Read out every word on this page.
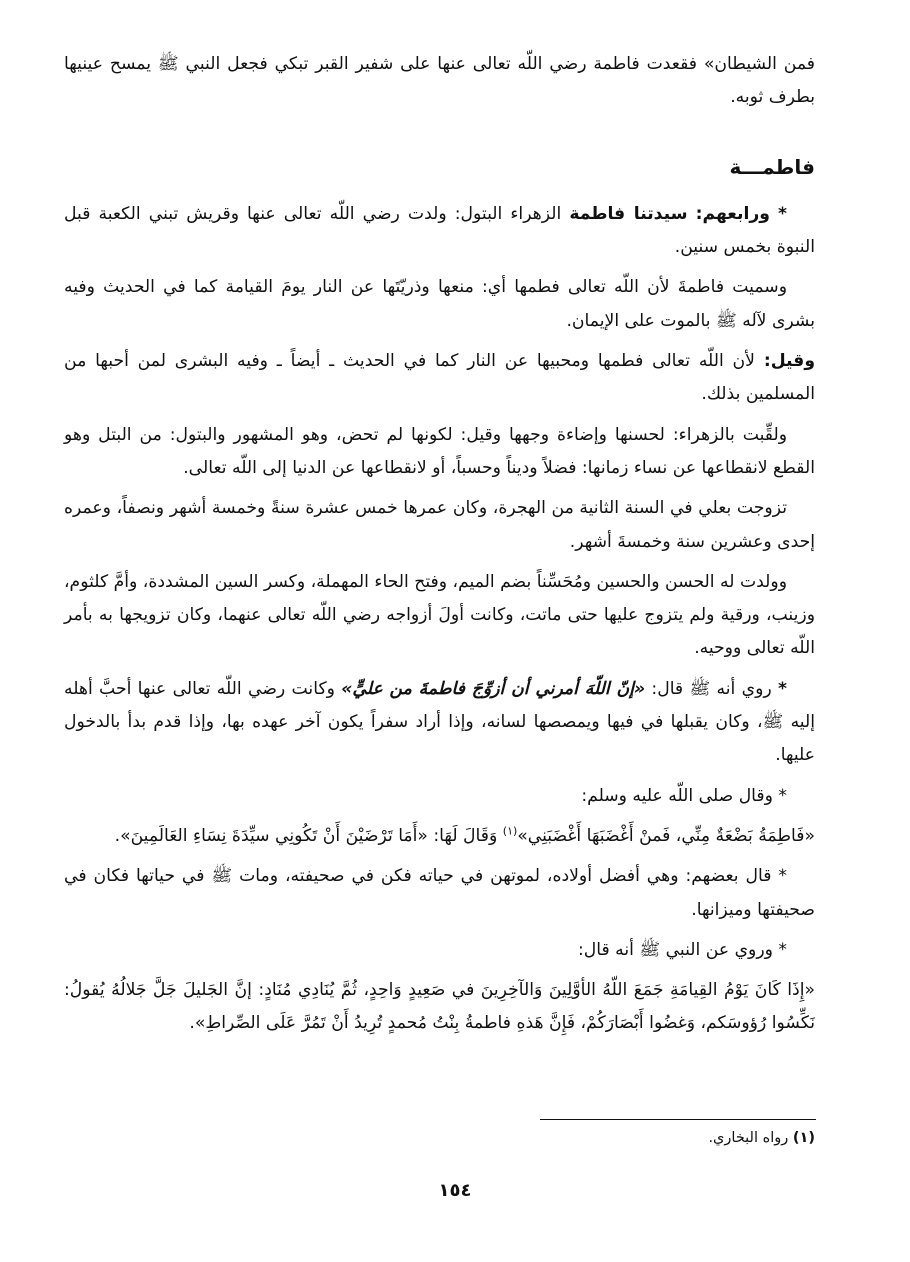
فمن الشيطان» فقعدت فاطمة رضي اللّه تعالى عنها على شفير القبر تبكي فجعل النبي ﷺ يمسح عينيها بطرف ثوبه.

فاطمـــة

* ورابعهم: سيدتنا فاطمة الزهراء البتول: ولدت رضي اللّه تعالى عنها وقريش تبني الكعبة قبل النبوة بخمس سنين.

وسميت فاطمةَ لأن اللّه تعالى فطمها أي: منعها وذريّتَها عن النار يومَ القيامة كما في الحديث وفيه بشرى لآله ﷺ بالموت على الإيمان.

وقيل: لأن اللّه تعالى فطمها ومحبيها عن النار كما في الحديث ـ أيضاً ـ وفيه البشرى لمن أحبها من المسلمين بذلك.

ولقِّبت بالزهراء: لحسنها وإضاءة وجهها وقيل: لكونها لم تحض، وهو المشهور والبتول: من البتل وهو القطع لانقطاعها عن نساء زمانها: فضلاً وديناً وحسباً، أو لانقطاعها عن الدنيا إلى اللّه تعالى.

تزوجت بعلي في السنة الثانية من الهجرة، وكان عمرها خمس عشرة سنةً وخمسة أشهر ونصفاً، وعمره إحدى وعشرين سنة وخمسةَ أشهر.

وولدت له الحسن والحسين ومُحَسِّناً بضم الميم، وفتح الحاء المهملة، وكسر السين المشددة، وأمَّ كلثوم، وزينب، ورقية ولم يتزوج عليها حتى ماتت، وكانت أولَ أزواجه رضي اللّه تعالى عنهما، وكان تزويجها به بأمر اللّه تعالى ووحيه.

* روي أنه ﷺ قال: «إنّ اللّهَ أمرني أن أزوِّجَ فاطمةَ من عليٍّ» وكانت رضي اللّه تعالى عنها أحبَّ أهله إليه ﷺ، وكان يقبلها في فيها ويمصصها لسانه، وإذا أراد سفراً يكون آخر عهده بها، وإذا قدم بدأ بالدخول عليها.

* وقال صلى اللّه عليه وسلم:

«فَاطِمَةُ بَضْعَةٌ مِنِّي، فَمنْ أَغْضَبَهَا أَغْضَبَنِي»$^{(١)}$ وَقَالَ لَهَا: «أَمَا تَرْضَيْنَ أَنْ تَكُونِي سيِّدَةَ نِسَاءِ العَالَمِينَ».

* قال بعضهم: وهي أفضل أولاده، لموتهن في حياته فكن في صحيفته، ومات ﷺ في حياتها فكان في صحيفتها وميزانها.

* وروي عن النبي ﷺ أنه قال:

«إِذَا كَانَ يَوْمُ القِيامَةِ جَمَعَ اللّهُ الأوَّلِينَ وَالآخِرِينَ في صَعِيدٍ وَاحِدٍ، ثُمَّ يُنَادِي مُنَادٍ: إنَّ الجَليلَ جَلَّ جَلالُهُ يُقولُ: نَكِّسُوا رُؤوسَكم، وَغضُوا أَبْصَارَكُمْ، فَإِنَّ هَذهِ فاطمةُ بِنْتُ مُحمدٍ تُرِيدُ أَنْ تَمُرَّ عَلَى الصِّراطِ».

(١) رواه البخاري.
١٥٤
